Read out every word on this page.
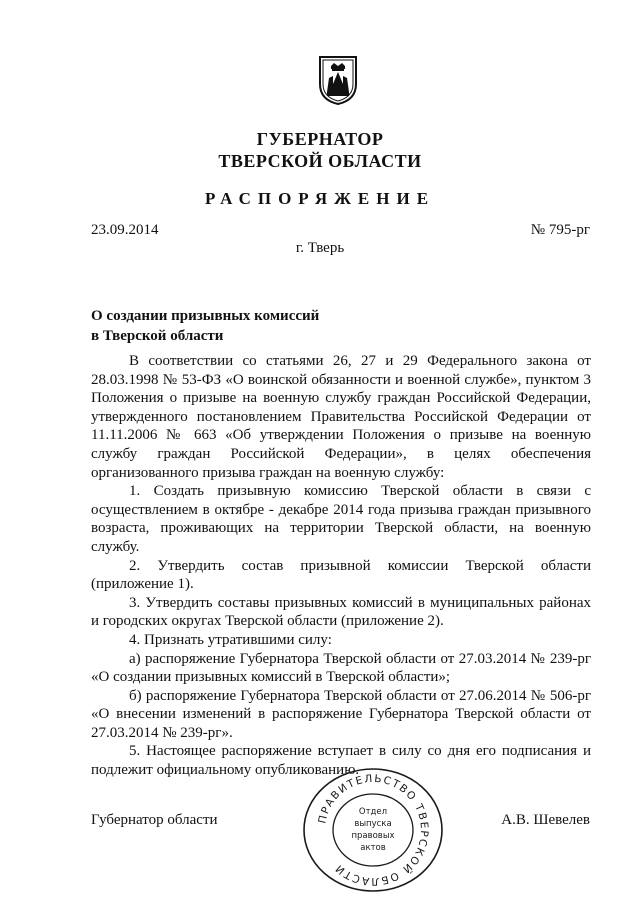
ГУБЕРНАТОР
ТВЕРСКОЙ ОБЛАСТИ
РАСПОРЯЖЕНИЕ
23.09.2014	№ 795-рг
г. Тверь
О создании призывных комиссий
в Тверской области

В соответствии со статьями 26, 27 и 29 Федерального закона от 28.03.1998 № 53-ФЗ «О воинской обязанности и военной службе», пунктом 3 Положения о призыве на военную службу граждан Российской Федерации, утвержденного постановлением Правительства Российской Федерации от 11.11.2006 № 663 «Об утверждении Положения о призыве на военную службу граждан Российской Федерации», в целях обеспечения организованного призыва граждан на военную службу:

1. Создать призывную комиссию Тверской области в связи с осуществлением в октябре - декабре 2014 года призыва граждан призывного возраста, проживающих на территории Тверской области, на военную службу.

2. Утвердить состав призывной комиссии Тверской области (приложение 1).

3. Утвердить составы призывных комиссий в муниципальных районах и городских округах Тверской области (приложение 2).

4. Признать утратившими силу:

а) распоряжение Губернатора Тверской области от 27.03.2014 № 239-рг «О создании призывных комиссий в Тверской области»;

б) распоряжение Губернатора Тверской области от 27.06.2014 № 506-рг «О внесении изменений в распоряжение Губернатора Тверской области от 27.03.2014 № 239-рг».

5. Настоящее распоряжение вступает в силу со дня его подписания и подлежит официальному опубликованию.

Губернатор области	А.В. Шевелев
ПРАВИТЕЛЬСТВО ТВЕРСКОЙ ОБЛАСТИ
Отдел
выпуска
правовых
актов
